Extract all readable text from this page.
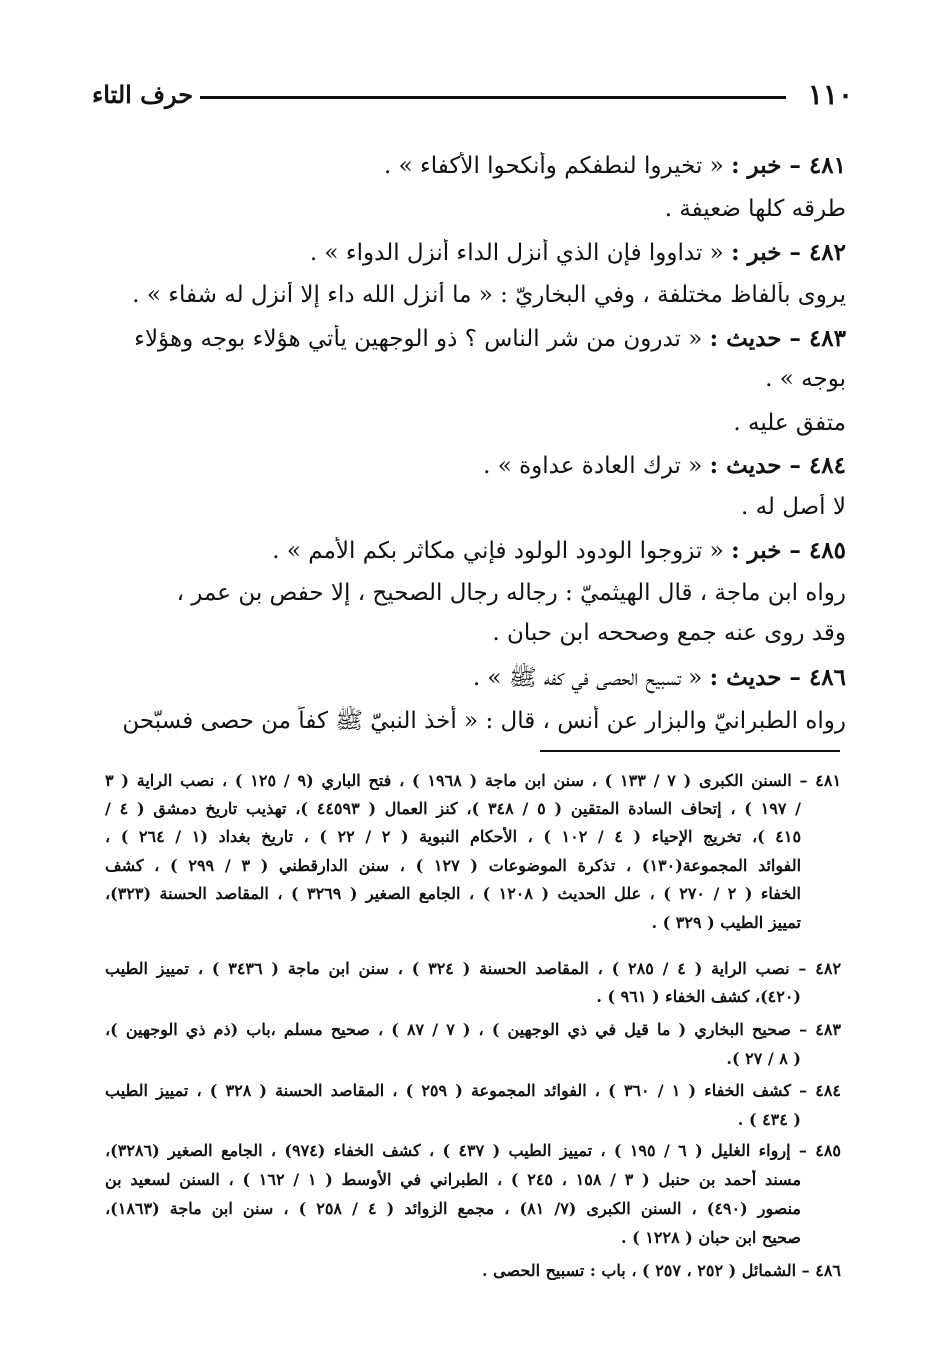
١١٠
حرف التاء
٤٨١ – خبر : « تخيروا لنطفكم وأنكحوا الأكفاء » .
طرقه كلها ضعيفة .
٤٨٢ – خبر : « تداووا فإن الذي أنزل الداء أنزل الدواء » .
يروى بألفاظ مختلفة ، وفي البخاريّ : « ما أنزل الله داء إلا أنزل له شفاء » .
٤٨٣ – حديث : « تدرون من شر الناس ؟ ذو الوجهين يأتي هؤلاء بوجه وهؤلاء
بوجه » .
متفق عليه .
٤٨٤ – حديث : « ترك العادة عداوة » .
لا أصل له .
٤٨٥ – خبر : « تزوجوا الودود الولود فإني مكاثر بكم الأمم » .
رواه ابن ماجة ، قال الهيثميّ : رجاله رجال الصحيح ، إلا حفص بن عمر ،
وقد روى عنه جمع وصححه ابن حبان .
٤٨٦ – حديث : « تسبيح الحصى في كفه ﷺ » .
رواه الطبرانيّ والبزار عن أنس ، قال : « أخذ النبيّ ﷺ كفاً من حصى فسبّحن
٤٨١ – السنن الكبرى ( ٧ / ١٣٣ ) ، سنن ابن ماجة ( ١٩٦٨ ) ، فتح الباري (٩ / ١٢٥ ) ، نصب الراية ( ٣
/ ١٩٧ ) ، إتحاف السادة المتقين ( ٥ / ٣٤٨ )، كنز العمال ( ٤٤٥٩٣ )، تهذيب تاريخ دمشق ( ٤ /
٤١٥ )، تخريج الإحياء ( ٤ / ١٠٢ ) ، الأحكام النبوية ( ٢ / ٢٢ ) ، تاريخ بغداد (١ / ٢٦٤ ) ،
الفوائد المجموعة(١٣٠) ، تذكرة الموضوعات ( ١٢٧ ) ، سنن الدارقطني ( ٣ / ٢٩٩ ) ، كشف
الخفاء ( ٢ / ٢٧٠ ) ، علل الحديث ( ١٢٠٨ ) ، الجامع الصغير ( ٣٢٦٩ ) ، المقاصد الحسنة (٣٢٣)،
تمييز الطيب ( ٣٢٩ ) .
٤٨٢ – نصب الراية ( ٤ / ٢٨٥ ) ، المقاصد الحسنة ( ٣٢٤ ) ، سنن ابن ماجة ( ٣٤٣٦ ) ، تمييز الطيب
(٤٢٠)، كشف الخفاء ( ٩٦١ ) .
٤٨٣ – صحيح البخاري ( ما قيل في ذي الوجهين ) ، ( ٧ / ٨٧ ) ، صحيح مسلم ،باب (ذم ذي الوجهين )،
( ٨ / ٢٧ ).
٤٨٤ – كشف الخفاء ( ١ / ٣٦٠ ) ، الفوائد المجموعة ( ٢٥٩ ) ، المقاصد الحسنة ( ٣٢٨ ) ، تمييز الطيب
( ٤٣٤ ) .
٤٨٥ – إرواء الغليل ( ٦ / ١٩٥ ) ، تمييز الطيب ( ٤٣٧ ) ، كشف الخفاء (٩٧٤) ، الجامع الصغير (٣٢٨٦)،
مسند أحمد بن حنبل ( ٣ / ١٥٨ ، ٢٤٥ ) ، الطبراني في الأوسط ( ١ / ١٦٢ ) ، السنن لسعيد بن
منصور (٤٩٠) ، السنن الكبرى (٧/ ٨١) ، مجمع الزوائد ( ٤ / ٢٥٨ ) ، سنن ابن ماجة (١٨٦٣)،
صحيح ابن حبان ( ١٢٢٨ ) .
٤٨٦ – الشمائل ( ٢٥٢ ، ٢٥٧ ) ، باب : تسبيح الحصى .
